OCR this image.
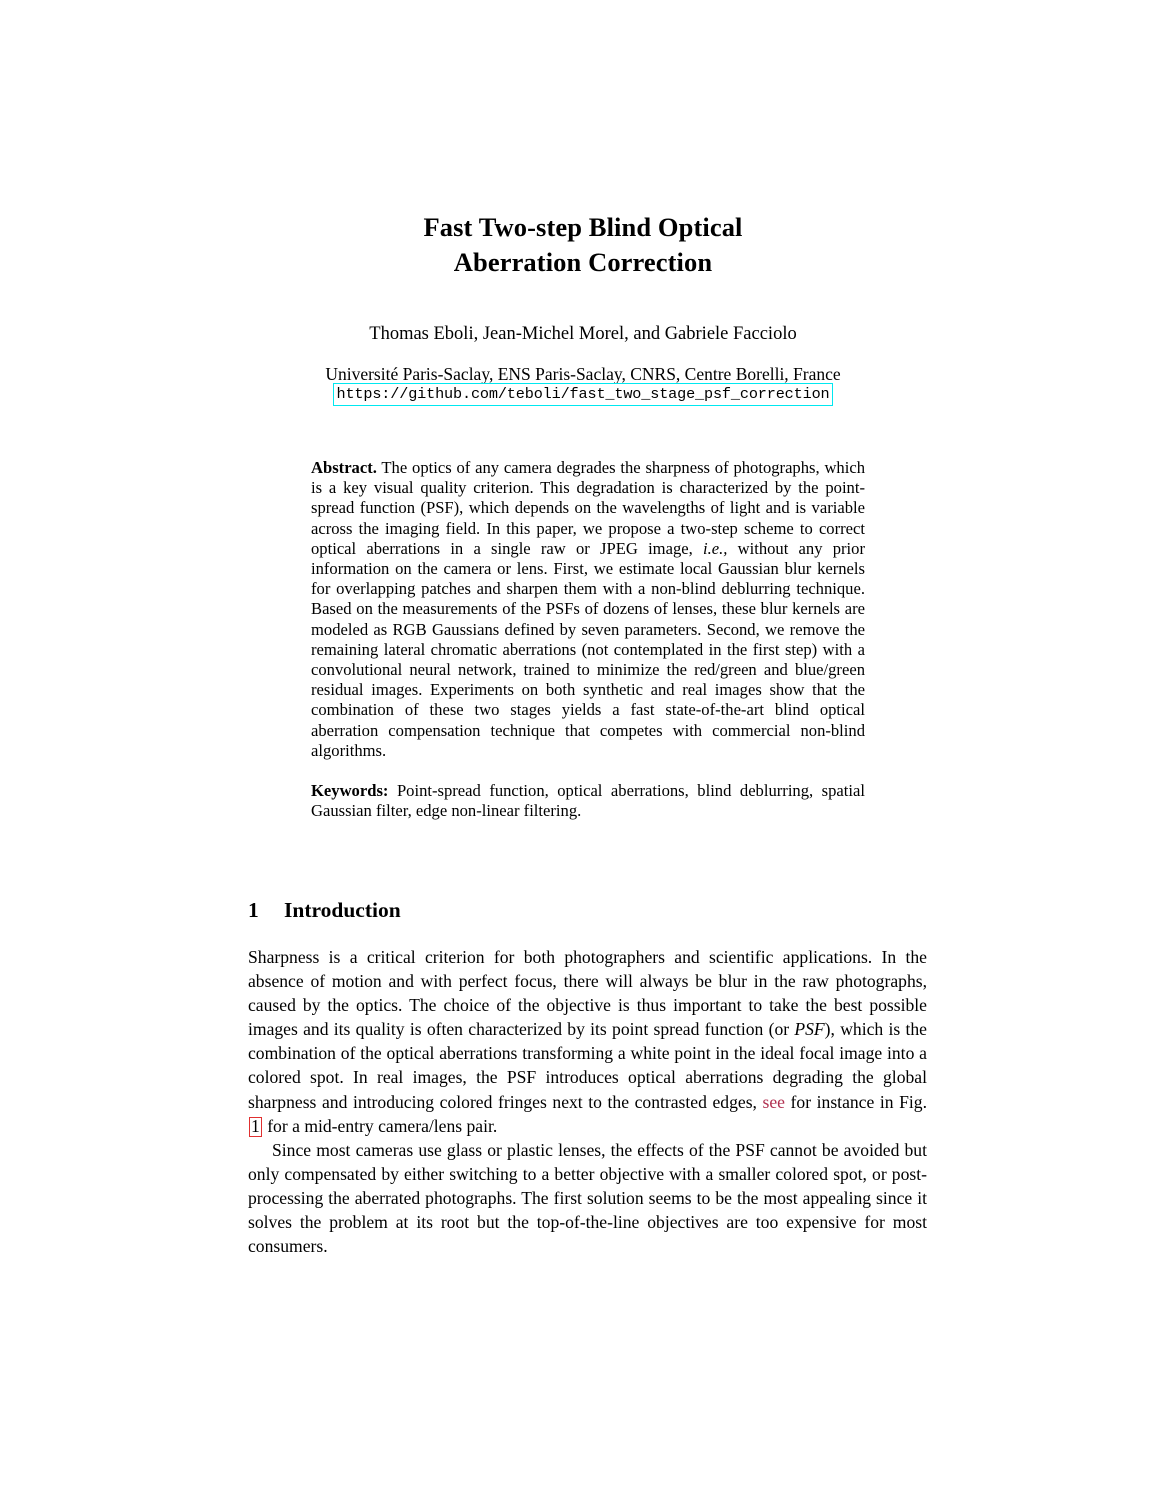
Fast Two-step Blind Optical
Aberration Correction
Thomas Eboli, Jean-Michel Morel, and Gabriele Facciolo
Université Paris-Saclay, ENS Paris-Saclay, CNRS, Centre Borelli, France
https://github.com/teboli/fast_two_stage_psf_correction

Abstract. The optics of any camera degrades the sharpness of photographs, which is a key visual quality criterion. This degradation is characterized by the point-spread function (PSF), which depends on the wavelengths of light and is variable across the imaging field. In this paper, we propose a two-step scheme to correct optical aberrations in a single raw or JPEG image, i.e., without any prior information on the camera or lens. First, we estimate local Gaussian blur kernels for overlapping patches and sharpen them with a non-blind deblurring technique. Based on the measurements of the PSFs of dozens of lenses, these blur kernels are modeled as RGB Gaussians defined by seven parameters. Second, we remove the remaining lateral chromatic aberrations (not contemplated in the first step) with a convolutional neural network, trained to minimize the red/green and blue/green residual images. Experiments on both synthetic and real images show that the combination of these two stages yields a fast state-of-the-art blind optical aberration compensation technique that competes with commercial non-blind algorithms.

Keywords: Point-spread function, optical aberrations, blind deblurring, spatial Gaussian filter, edge non-linear filtering.

1 Introduction

Sharpness is a critical criterion for both photographers and scientific applications. In the absence of motion and with perfect focus, there will always be blur in the raw photographs, caused by the optics. The choice of the objective is thus important to take the best possible images and its quality is often characterized by its point spread function (or PSF), which is the combination of the optical aberrations transforming a white point in the ideal focal image into a colored spot. In real images, the PSF introduces optical aberrations degrading the global sharpness and introducing colored fringes next to the contrasted edges, see for instance in Fig. 1 for a mid-entry camera/lens pair.

Since most cameras use glass or plastic lenses, the effects of the PSF cannot be avoided but only compensated by either switching to a better objective with a smaller colored spot, or post-processing the aberrated photographs. The first solution seems to be the most appealing since it solves the problem at its root but the top-of-the-line objectives are too expensive for most consumers.
